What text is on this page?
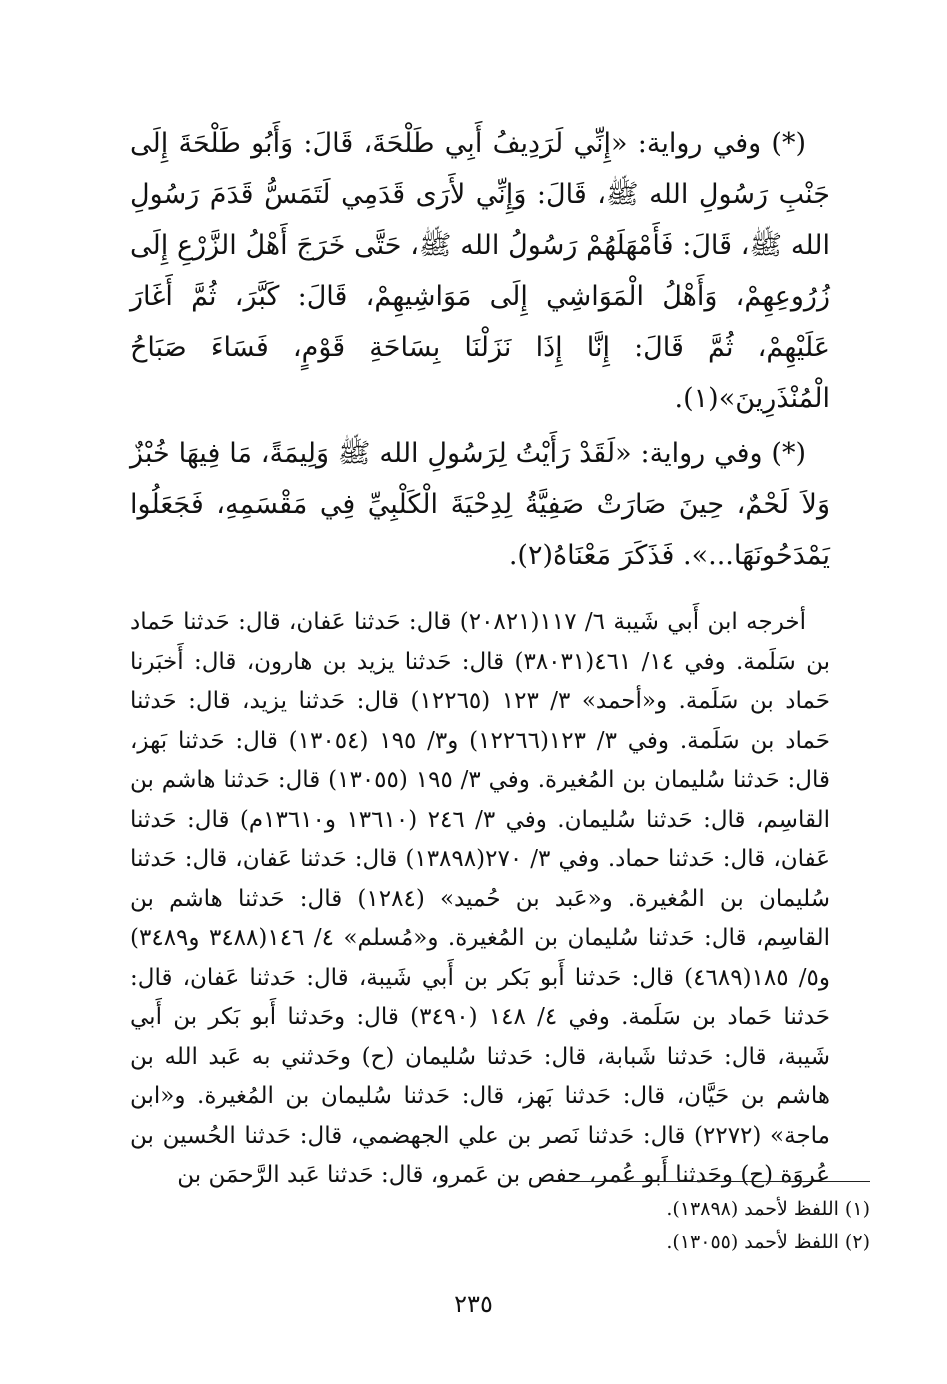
(*) وفي رواية: «إِنِّي لَرَدِيفُ أَبِي طَلْحَةَ، قَالَ: وَأَبُو طَلْحَةَ إِلَى جَنْبِ رَسُولِ الله ﷺ، قَالَ: وَإِنِّي لأَرَى قَدَمِي لَتَمَسُّ قَدَمَ رَسُولِ الله ﷺ، قَالَ: فَأَمْهَلَهُمْ رَسُولُ الله ﷺ، حَتَّى خَرَجَ أَهْلُ الزَّرْعِ إِلَى زُرُوعِهِمْ، وَأَهْلُ الْمَوَاشِي إِلَى مَوَاشِيهِمْ، قَالَ: كَبَّرَ، ثُمَّ أَغَارَ عَلَيْهِمْ، ثُمَّ قَالَ: إِنَّا إِذَا نَزَلْنَا بِسَاحَةِ قَوْمٍ، فَسَاءَ صَبَاحُ الْمُنْذَرِينَ»(١).

(*) وفي رواية: «لَقَدْ رَأَيْتُ لِرَسُولِ الله ﷺ وَلِيمَةً، مَا فِيهَا خُبْزٌ وَلاَ لَحْمٌ، حِينَ صَارَتْ صَفِيَّةُ لِدِحْيَةَ الْكَلْبِيِّ فِي مَقْسَمِهِ، فَجَعَلُوا يَمْدَحُونَهَا...». فَذَكَرَ مَعْنَاهُ(٢).

أخرجه ابن أَبي شَيبة ٦/ ١١٧(٢٠٨٢١) قال: حَدثنا عَفان، قال: حَدثنا حَماد بن سَلَمة. وفي ١٤/ ٤٦١(٣٨٠٣١) قال: حَدثنا يزيد بن هارون، قال: أَخبَرنا حَماد بن سَلَمة. و«أحمد» ٣/ ١٢٣ (١٢٢٦٥) قال: حَدثنا يزيد، قال: حَدثنا حَماد بن سَلَمة. وفي ٣/ ١٢٣(١٢٢٦٦) و٣/ ١٩٥ (١٣٠٥٤) قال: حَدثنا بَهز، قال: حَدثنا سُليمان بن المُغيرة. وفي ٣/ ١٩٥ (١٣٠٥٥) قال: حَدثنا هاشم بن القاسِم، قال: حَدثنا سُليمان. وفي ٣/ ٢٤٦ (١٣٦١٠ و١٣٦١٠م) قال: حَدثنا عَفان، قال: حَدثنا حماد. وفي ٣/ ٢٧٠(١٣٨٩٨) قال: حَدثنا عَفان، قال: حَدثنا سُليمان بن المُغيرة. و«عَبد بن حُميد» (١٢٨٤) قال: حَدثنا هاشم بن القاسِم، قال: حَدثنا سُليمان بن المُغيرة. و«مُسلم» ٤/ ١٤٦(٣٤٨٨ و٣٤٨٩) و٥/ ١٨٥(٤٦٨٩) قال: حَدثنا أَبو بَكر بن أَبي شَيبة، قال: حَدثنا عَفان، قال: حَدثنا حَماد بن سَلَمة. وفي ٤/ ١٤٨ (٣٤٩٠) قال: وحَدثنا أَبو بَكر بن أَبي شَيبة، قال: حَدثنا شَبابة، قال: حَدثنا سُليمان (ح) وحَدثني به عَبد الله بن هاشم بن حَيَّان، قال: حَدثنا بَهز، قال: حَدثنا سُليمان بن المُغيرة. و«ابن ماجة» (٢٢٧٢) قال: حَدثنا نَصر بن علي الجهضمي، قال: حَدثنا الحُسين بن عُروَة (ح) وحَدثنا أَبو عُمر، حفص بن عَمرو، قال: حَدثنا عَبد الرَّحمَن بن

(١) اللفظ لأحمد (١٣٨٩٨).

(٢) اللفظ لأحمد (١٣٠٥٥).

٢٣٥
